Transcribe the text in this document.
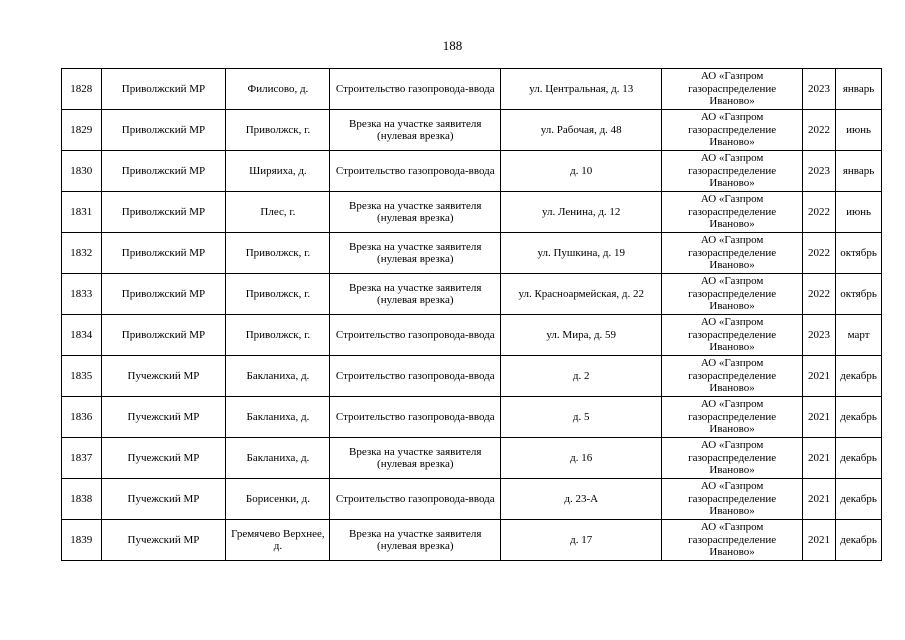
188
1828	Приволжский МР	Филисово, д.	Строительство газопровода-ввода	ул. Центральная, д. 13	АО «Газпром газораспределение Иваново»	2023	январь
1829	Приволжский МР	Приволжск, г.	Врезка на участке заявителя (нулевая врезка)	ул. Рабочая, д. 48	АО «Газпром газораспределение Иваново»	2022	июнь
1830	Приволжский МР	Ширяиха, д.	Строительство газопровода-ввода	д. 10	АО «Газпром газораспределение Иваново»	2023	январь
1831	Приволжский МР	Плес, г.	Врезка на участке заявителя (нулевая врезка)	ул. Ленина, д. 12	АО «Газпром газораспределение Иваново»	2022	июнь
1832	Приволжский МР	Приволжск, г.	Врезка на участке заявителя (нулевая врезка)	ул. Пушкина, д. 19	АО «Газпром газораспределение Иваново»	2022	октябрь
1833	Приволжский МР	Приволжск, г.	Врезка на участке заявителя (нулевая врезка)	ул. Красноармейская, д. 22	АО «Газпром газораспределение Иваново»	2022	октябрь
1834	Приволжский МР	Приволжск, г.	Строительство газопровода-ввода	ул. Мира, д. 59	АО «Газпром газораспределение Иваново»	2023	март
1835	Пучежский МР	Бакланиха, д.	Строительство газопровода-ввода	д. 2	АО «Газпром газораспределение Иваново»	2021	декабрь
1836	Пучежский МР	Бакланиха, д.	Строительство газопровода-ввода	д. 5	АО «Газпром газораспределение Иваново»	2021	декабрь
1837	Пучежский МР	Бакланиха, д.	Врезка на участке заявителя (нулевая врезка)	д. 16	АО «Газпром газораспределение Иваново»	2021	декабрь
1838	Пучежский МР	Борисенки, д.	Строительство газопровода-ввода	д. 23-А	АО «Газпром газораспределение Иваново»	2021	декабрь
1839	Пучежский МР	Гремячево Верхнее, д.	Врезка на участке заявителя (нулевая врезка)	д. 17	АО «Газпром газораспределение Иваново»	2021	декабрь
